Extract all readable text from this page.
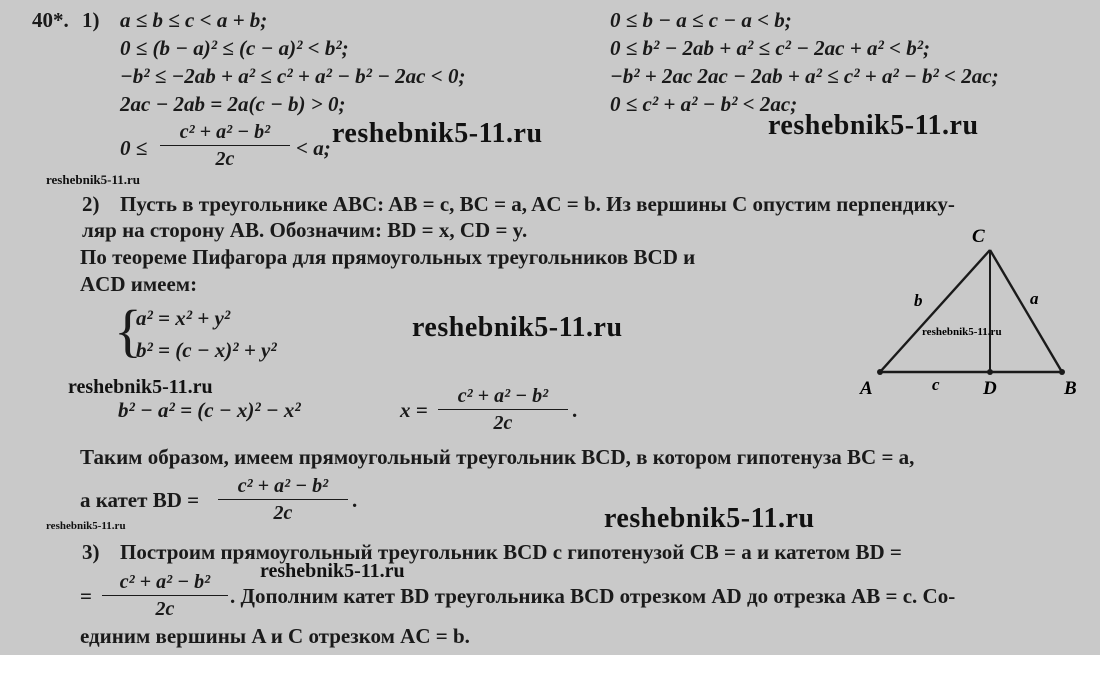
40*. 1) a ≤ b ≤ c < a + b;
0 ≤ (b − a)² ≤ (c − a)² < b²;
−b² ≤ −2ab + a² ≤ c² + a² − b² − 2ac < 0;
2ac − 2ab = 2a(c − b) > 0;
0 ≤ b − a ≤ c − a < b;
0 ≤ b² − 2ab + a² ≤ c² − 2ac + a² < b²;
−b² + 2ac 2ac − 2ab + a² ≤ c² + a² − b² < 2ac;
0 ≤ c² + a² − b² < 2ac;
0 ≤
c² + a² − b²
2c	< a;
2) Пусть в треугольнике ABC: AB = c, BC = a, AC = b. Из вершины C опустим перпендику-
ляр на сторону AB. Обозначим: BD = x, CD = y.
По теореме Пифагора для прямоугольных треугольников BCD и
ACD имеем:
{
a² = x² + y²
b² = (c − x)² + y²
b² − a² = (c − x)² − x²	x =
c² + a² − b²
2c
.
Таким образом, имеем прямоугольный треугольник BCD, в котором гипотенуза BC = a,
а катет BD =
c² + a² − b²
2c
.
3) Построим прямоугольный треугольник BCD с гипотенузой CB = a и катетом BD =
=
c² + a² − b²
2c
. Дополним катет BD треугольника BCD отрезком AD до отрезка AB = c. Со-
единим вершины A и C отрезком AC = b.
C
A	D	B
b	a
c
reshebnik5-11.ru
reshebnik5-11.ru	reshebnik5-11.ru
reshebnik5-11.ru
reshebnik5-11.ru
reshebnik5-11.ru
reshebnik5-11.ru
reshebnik5-11.ru
reshebnik5-11.ru
